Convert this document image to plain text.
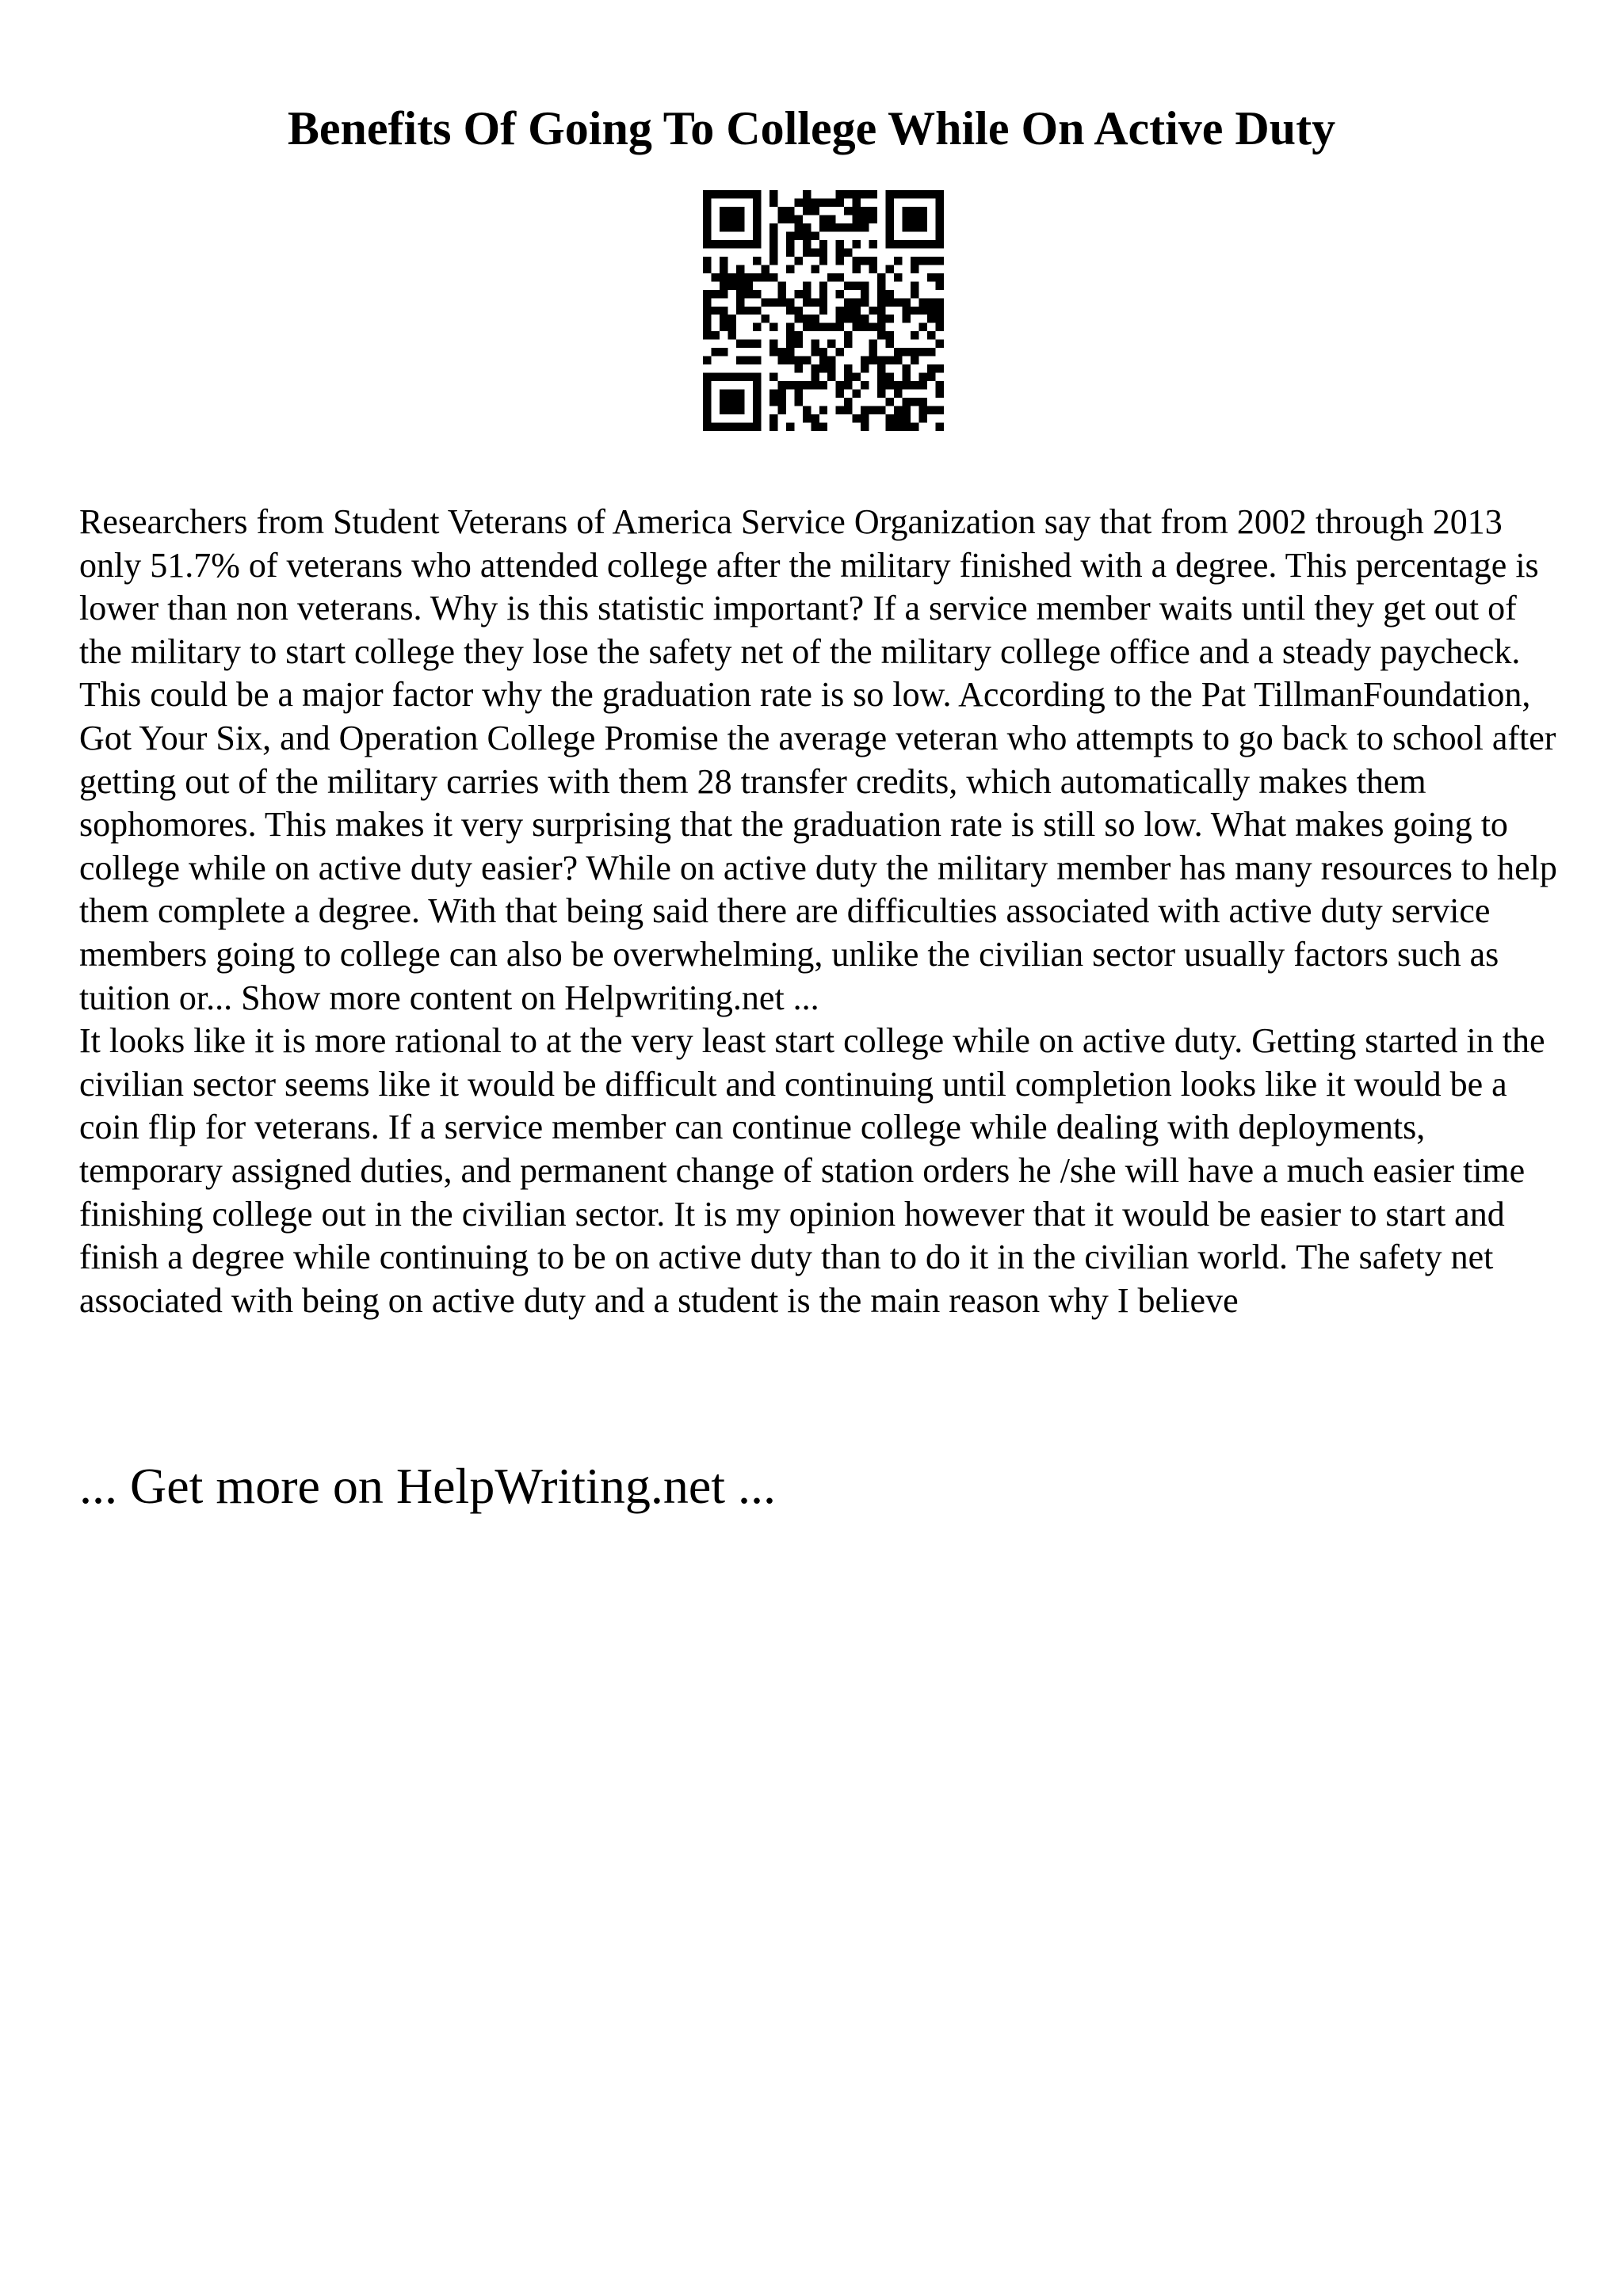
Benefits Of Going To College While On Active Duty

Researchers from Student Veterans of America Service Organization say that from 2002 through 2013 only 51.7% of veterans who attended college after the military finished with a degree. This percentage is lower than non veterans. Why is this statistic important? If a service member waits until they get out of the military to start college they lose the safety net of the military college office and a steady paycheck. This could be a major factor why the graduation rate is so low. According to the Pat TillmanFoundation, Got Your Six, and Operation College Promise the average veteran who attempts to go back to school after getting out of the military carries with them 28 transfer credits, which automatically makes them sophomores. This makes it very surprising that the graduation rate is still so low. What makes going to college while on active duty easier? While on active duty the military member has many resources to help them complete a degree. With that being said there are difficulties associated with active duty service members going to college can also be overwhelming, unlike the civilian sector usually factors such as tuition or... Show more content on Helpwriting.net ...

It looks like it is more rational to at the very least start college while on active duty. Getting started in the civilian sector seems like it would be difficult and continuing until completion looks like it would be a coin flip for veterans. If a service member can continue college while dealing with deployments, temporary assigned duties, and permanent change of station orders he /she will have a much easier time finishing college out in the civilian sector. It is my opinion however that it would be easier to start and finish a degree while continuing to be on active duty than to do it in the civilian world. The safety net associated with being on active duty and a student is the main reason why I believe

... Get more on HelpWriting.net ...
